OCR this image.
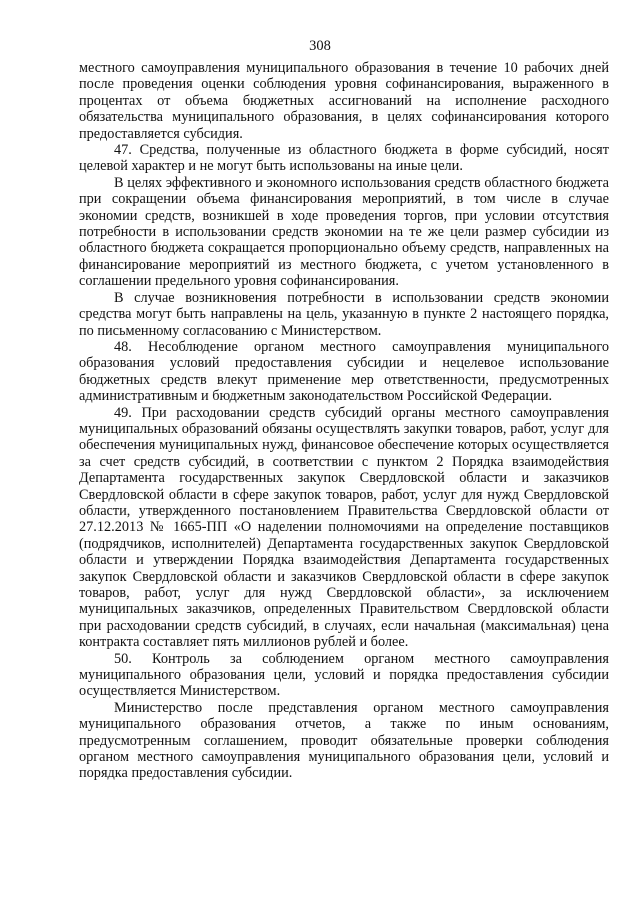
308

местного самоуправления муниципального образования в течение 10 рабочих дней после проведения оценки соблюдения уровня софинансирования, выраженного в процентах от объема бюджетных ассигнований на исполнение расходного обязательства муниципального образования, в целях софинансирования которого предоставляется субсидия.

47. Средства, полученные из областного бюджета в форме субсидий, носят целевой характер и не могут быть использованы на иные цели.

В целях эффективного и экономного использования средств областного бюджета при сокращении объема финансирования мероприятий, в том числе в случае экономии средств, возникшей в ходе проведения торгов, при условии отсутствия потребности в использовании средств экономии на те же цели размер субсидии из областного бюджета сокращается пропорционально объему средств, направленных на финансирование мероприятий из местного бюджета, с учетом установленного в соглашении предельного уровня софинансирования.

В случае возникновения потребности в использовании средств экономии средства могут быть направлены на цель, указанную в пункте 2 настоящего порядка, по письменному согласованию с Министерством.

48. Несоблюдение органом местного самоуправления муниципального образования условий предоставления субсидии и нецелевое использование бюджетных средств влекут применение мер ответственности, предусмотренных административным и бюджетным законодательством Российской Федерации.

49. При расходовании средств субсидий органы местного самоуправления муниципальных образований обязаны осуществлять закупки товаров, работ, услуг для обеспечения муниципальных нужд, финансовое обеспечение которых осуществляется за счет средств субсидий, в соответствии с пунктом 2 Порядка взаимодействия Департамента государственных закупок Свердловской области и заказчиков Свердловской области в сфере закупок товаров, работ, услуг для нужд Свердловской области, утвержденного постановлением Правительства Свердловской области от 27.12.2013 № 1665-ПП «О наделении полномочиями на определение поставщиков (подрядчиков, исполнителей) Департамента государственных закупок Свердловской области и утверждении Порядка взаимодействия Департамента государственных закупок Свердловской области и заказчиков Свердловской области в сфере закупок товаров, работ, услуг для нужд Свердловской области», за исключением муниципальных заказчиков, определенных Правительством Свердловской области при расходовании средств субсидий, в случаях, если начальная (максимальная) цена контракта составляет пять миллионов рублей и более.

50. Контроль за соблюдением органом местного самоуправления муниципального образования цели, условий и порядка предоставления субсидии осуществляется Министерством.

Министерство после представления органом местного самоуправления муниципального образования отчетов, а также по иным основаниям, предусмотренным соглашением, проводит обязательные проверки соблюдения органом местного самоуправления муниципального образования цели, условий и порядка предоставления субсидии.
